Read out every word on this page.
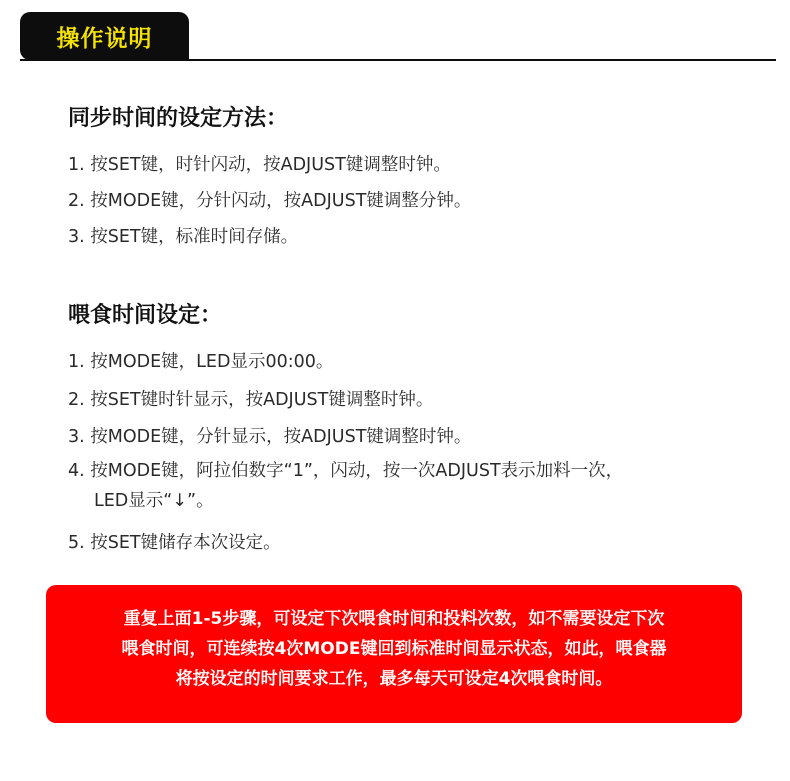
操作说明
同步时间的设定方法：
1. 按SET键，时针闪动，按ADJUST键调整时钟。
2. 按MODE键，分针闪动，按ADJUST键调整分钟。
3. 按SET键，标准时间存储。
喂食时间设定：
1. 按MODE键，LED显示00:00。
2. 按SET键时针显示，按ADJUST键调整时钟。
3. 按MODE键，分针显示，按ADJUST键调整时钟。
4. 按MODE键，阿拉伯数字“1”，闪动，按一次ADJUST表示加料一次，
LED显示“↓”。
5. 按SET键储存本次设定。
重复上面1-5步骤，可设定下次喂食时间和投料次数，如不需要设定下次
喂食时间，可连续按4次MODE键回到标准时间显示状态，如此，喂食器
将按设定的时间要求工作，最多每天可设定4次喂食时间。
